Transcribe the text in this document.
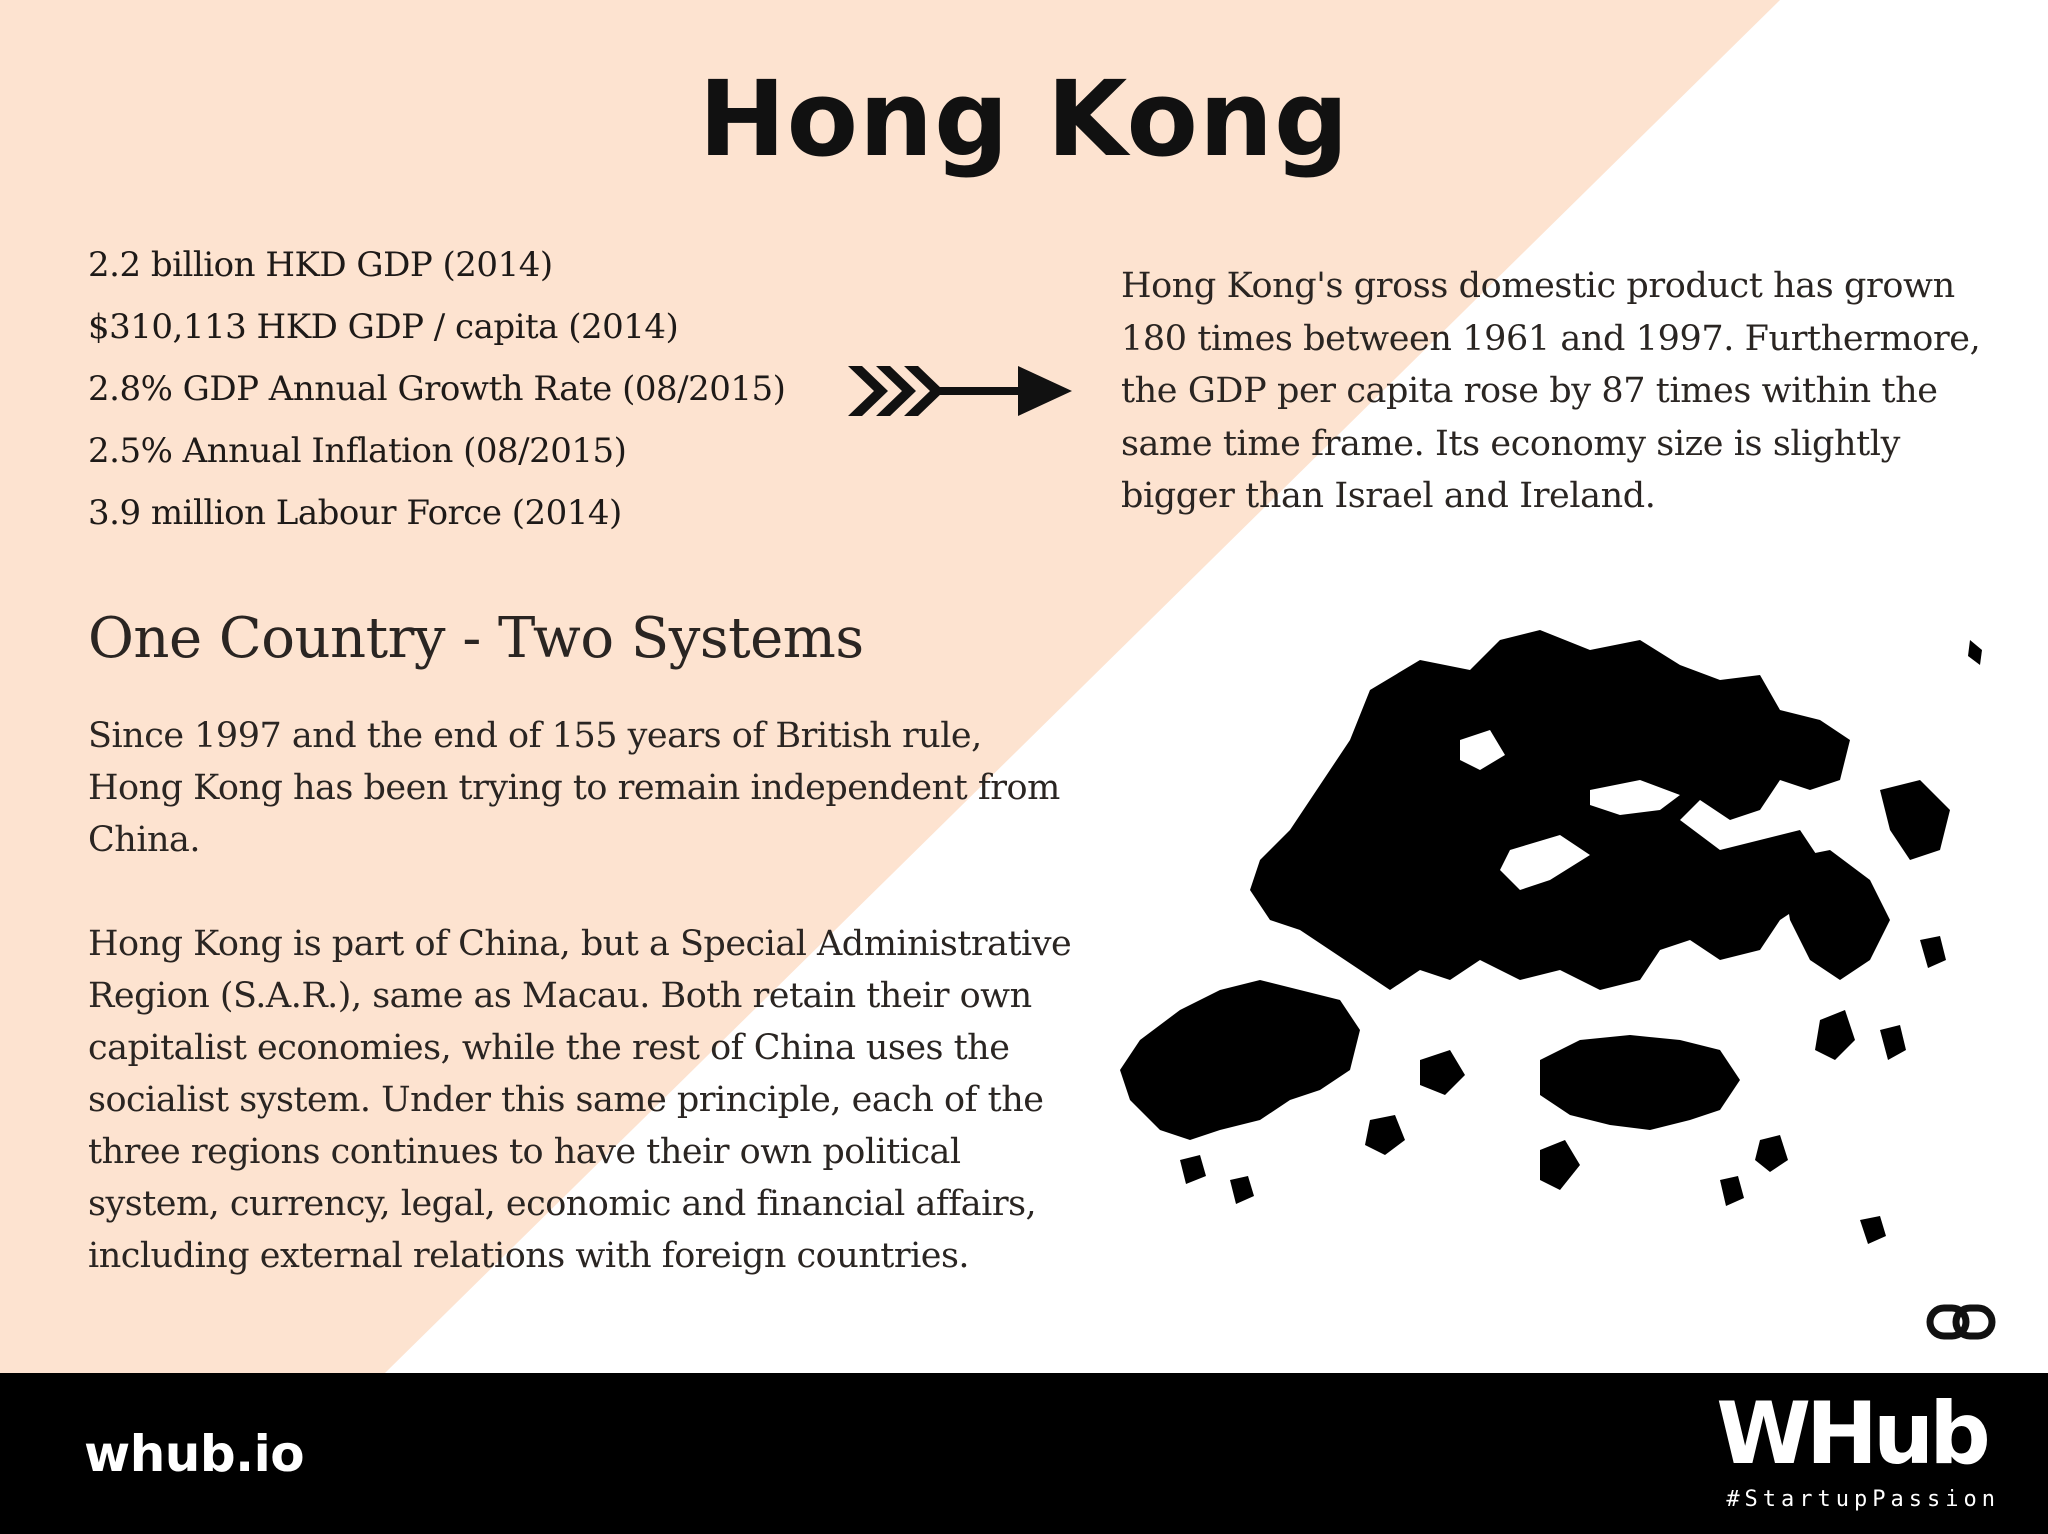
Hong Kong
2.2 billion HKD GDP (2014)
$310,113 HKD GDP / capita (2014)
2.8% GDP Annual Growth Rate (08/2015)
2.5% Annual Inflation (08/2015)
3.9 million Labour Force (2014)

Hong Kong's gross domestic product has grown 180 times between 1961 and 1997. Furthermore, the GDP per capita rose by 87 times within the same time frame. Its economy size is slightly bigger than Israel and Ireland.

One Country - Two Systems

Since 1997 and the end of 155 years of British rule, Hong Kong has been trying to remain independent from China.

Hong Kong is part of China, but a Special Administrative Region (S.A.R.), same as Macau. Both retain their own capitalist economies, while the rest of China uses the socialist system. Under this same principle, each of the three regions continues to have their own political system, currency, legal, economic and financial affairs, including external relations with foreign countries.

whub.io	WHub
#StartupPassion
